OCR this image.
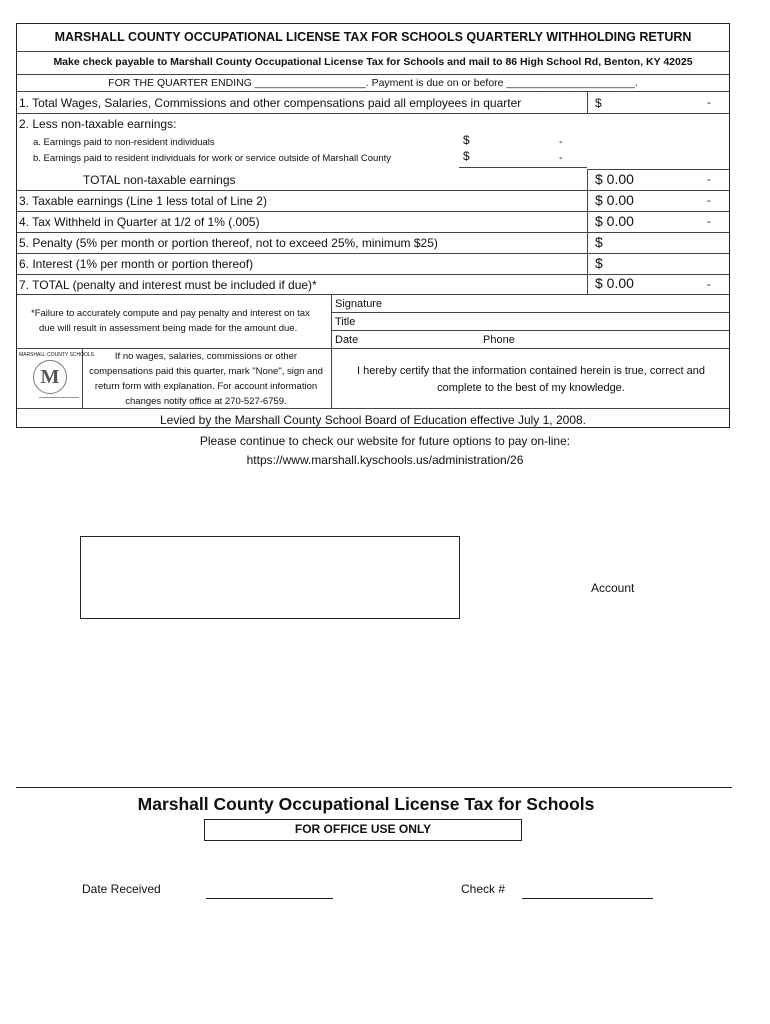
MARSHALL COUNTY OCCUPATIONAL LICENSE TAX FOR SCHOOLS QUARTERLY WITHHOLDING RETURN
Make check payable to Marshall County Occupational License Tax for Schools and mail to 86 High School Rd, Benton, KY 42025
FOR THE QUARTER ENDING ___________________. Payment is due on or before ______________________.
1. Total Wages, Salaries, Commissions and other compensations paid all employees in quarter	$	-
2. Less non-taxable earnings:
a. Earnings paid to non-resident individuals	$	-
b. Earnings paid to resident individuals for work or service outside of Marshall County	$	-
TOTAL non-taxable earnings	$ 0.00	-
3. Taxable earnings (Line 1 less total of Line 2)	$ 0.00	-
4. Tax Withheld in Quarter at 1/2 of 1% (.005)	$ 0.00	-
5. Penalty (5% per month or portion thereof, not to exceed 25%, minimum $25)	$
6. Interest (1% per month or portion thereof)	$
7. TOTAL (penalty and interest must be included if due)*	$ 0.00	-
*Failure to accurately compute and pay penalty and interest on tax
due will result in assessment being made for the amount due.
Signature
Title
Date	Phone
MARSHALL COUNTY SCHOOLS
M
If no wages, salaries, commissions or other
compensations paid this quarter, mark "None", sign and
return form with explanation. For account information
changes notify office at 270-527-6759.
I hereby certify that the information contained herein is true, correct and
complete to the best of my knowledge.
Levied by the Marshall County School Board of Education effective July 1, 2008.
Please continue to check our website for future options to pay on-line:
https://www.marshall.kyschools.us/administration/26
Account
Marshall County Occupational License Tax for Schools
FOR OFFICE USE ONLY
Date Received	Check #
